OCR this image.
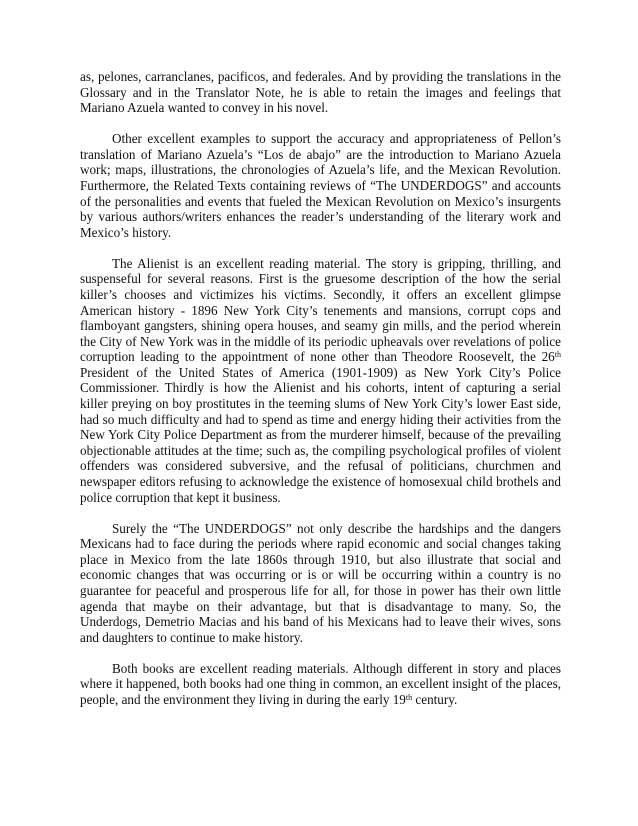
as, pelones, carranclanes, pacificos, and federales. And by providing the translations in the Glossary and in the Translator Note, he is able to retain the images and feelings that Mariano Azuela wanted to convey in his novel.

Other excellent examples to support the accuracy and appropriateness of Pellon’s translation of Mariano Azuela’s “Los de abajo” are the introduction to Mariano Azuela work; maps, illustrations, the chronologies of Azuela’s life, and the Mexican Revolution. Furthermore, the Related Texts containing reviews of “The UNDERDOGS” and accounts of the personalities and events that fueled the Mexican Revolution on Mexico’s insurgents by various authors/writers enhances the reader’s understanding of the literary work and Mexico’s history.

The Alienist is an excellent reading material. The story is gripping, thrilling, and suspenseful for several reasons. First is the gruesome description of the how the serial killer’s chooses and victimizes his victims. Secondly, it offers an excellent glimpse American history - 1896 New York City’s tenements and mansions, corrupt cops and flamboyant gangsters, shining opera houses, and seamy gin mills, and the period wherein the City of New York was in the middle of its periodic upheavals over revelations of police corruption leading to the appointment of none other than Theodore Roosevelt, the 26th President of the United States of America (1901-1909) as New York City’s Police Commissioner. Thirdly is how the Alienist and his cohorts, intent of capturing a serial killer preying on boy prostitutes in the teeming slums of New York City’s lower East side, had so much difficulty and had to spend as time and energy hiding their activities from the New York City Police Department as from the murderer himself, because of the prevailing objectionable attitudes at the time; such as, the compiling psychological profiles of violent offenders was considered subversive, and the refusal of politicians, churchmen and newspaper editors refusing to acknowledge the existence of homosexual child brothels and police corruption that kept it business.

Surely the “The UNDERDOGS” not only describe the hardships and the dangers Mexicans had to face during the periods where rapid economic and social changes taking place in Mexico from the late 1860s through 1910, but also illustrate that social and economic changes that was occurring or is or will be occurring within a country is no guarantee for peaceful and prosperous life for all, for those in power has their own little agenda that maybe on their advantage, but that is disadvantage to many. So, the Underdogs, Demetrio Macias and his band of his Mexicans had to leave their wives, sons and daughters to continue to make history.

Both books are excellent reading materials. Although different in story and places where it happened, both books had one thing in common, an excellent insight of the places, people, and the environment they living in during the early 19th century.
